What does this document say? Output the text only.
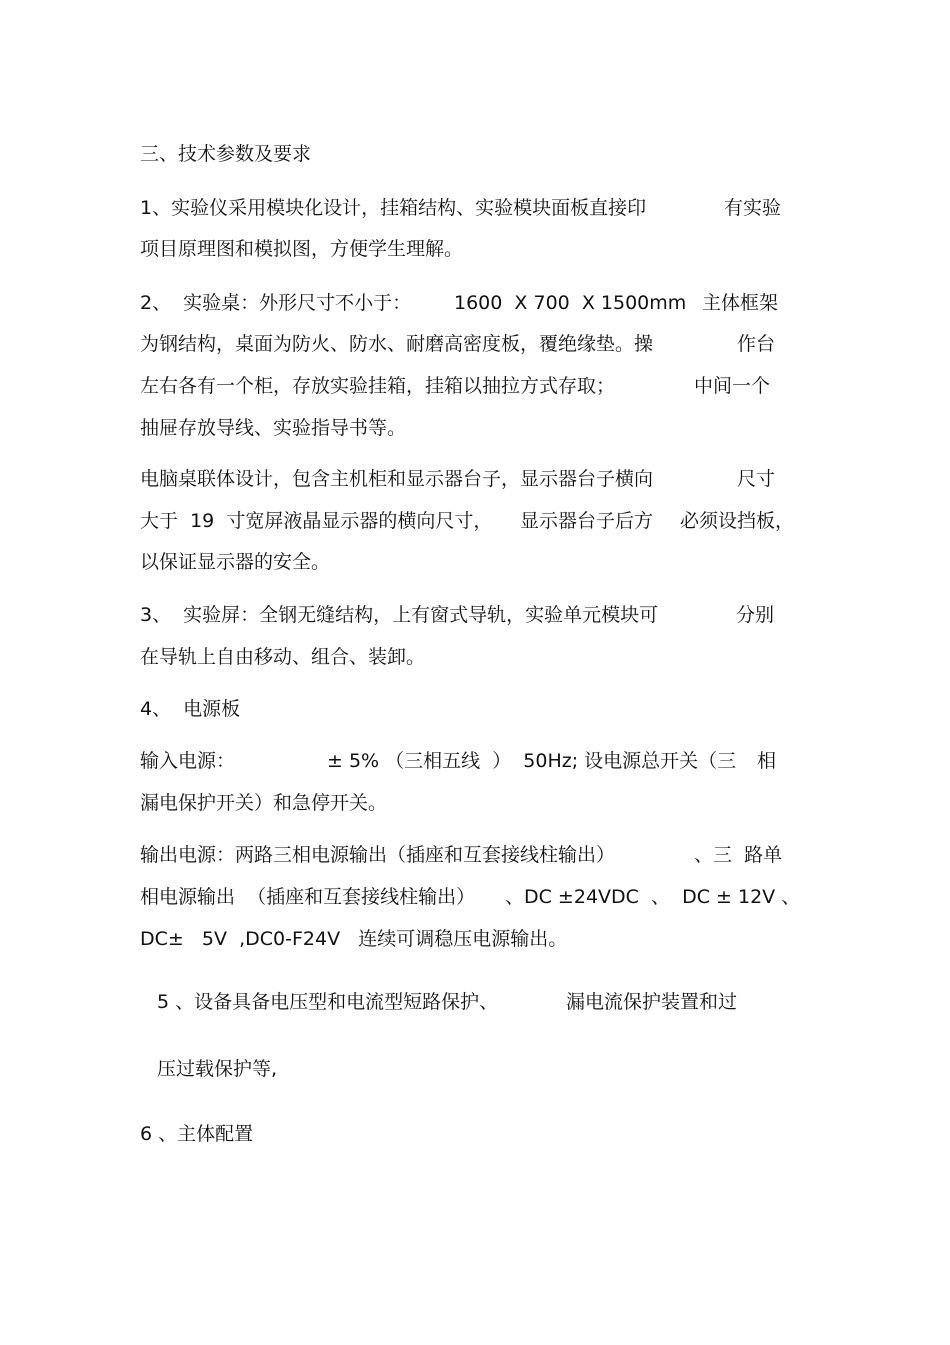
三、技术参数及要求
1、实验仪采用模块化设计，挂箱结构、实验模块面板直接印	有实验
项目原理图和模拟图，方便学生理解。
2、  实验桌：外形尺寸不小于： 1600  X 700  X 1500mm 主体框架
为钢结构，桌面为防火、防水、耐磨高密度板，覆绝缘垫。操	作台
左右各有一个柜，存放实验挂箱，挂箱以抽拉方式存取；	中间一个
抽屉存放导线、实验指导书等。
电脑桌联体设计，包含主机柜和显示器台子，显示器台子横向	尺寸
大于  19  寸宽屏液晶显示器的横向尺寸， 显示器台子后方 必须设挡板，
以保证显示器的安全。
3、  实验屏：全钢无缝结构，上有窗式导轨，实验单元模块可	分别
在导轨上自由移动、组合、装卸。
4、  电源板
输入电源：	± 5% （三相五线  ）  50Hz; 设电源总开关（三 相
漏电保护开关）和急停开关。
输出电源：两路三相电源输出（插座和互套接线柱输出）	、三  路单
相电源输出  （插座和互套接线柱输出） 、DC ±24VDC  、  DC ± 12V 、
DC±   5V  ,DC0-F24V   连续可调稳压电源输出。
5 、设备具备电压型和电流型短路保护、	漏电流保护装置和过
压过载保护等,
6 、主体配置
